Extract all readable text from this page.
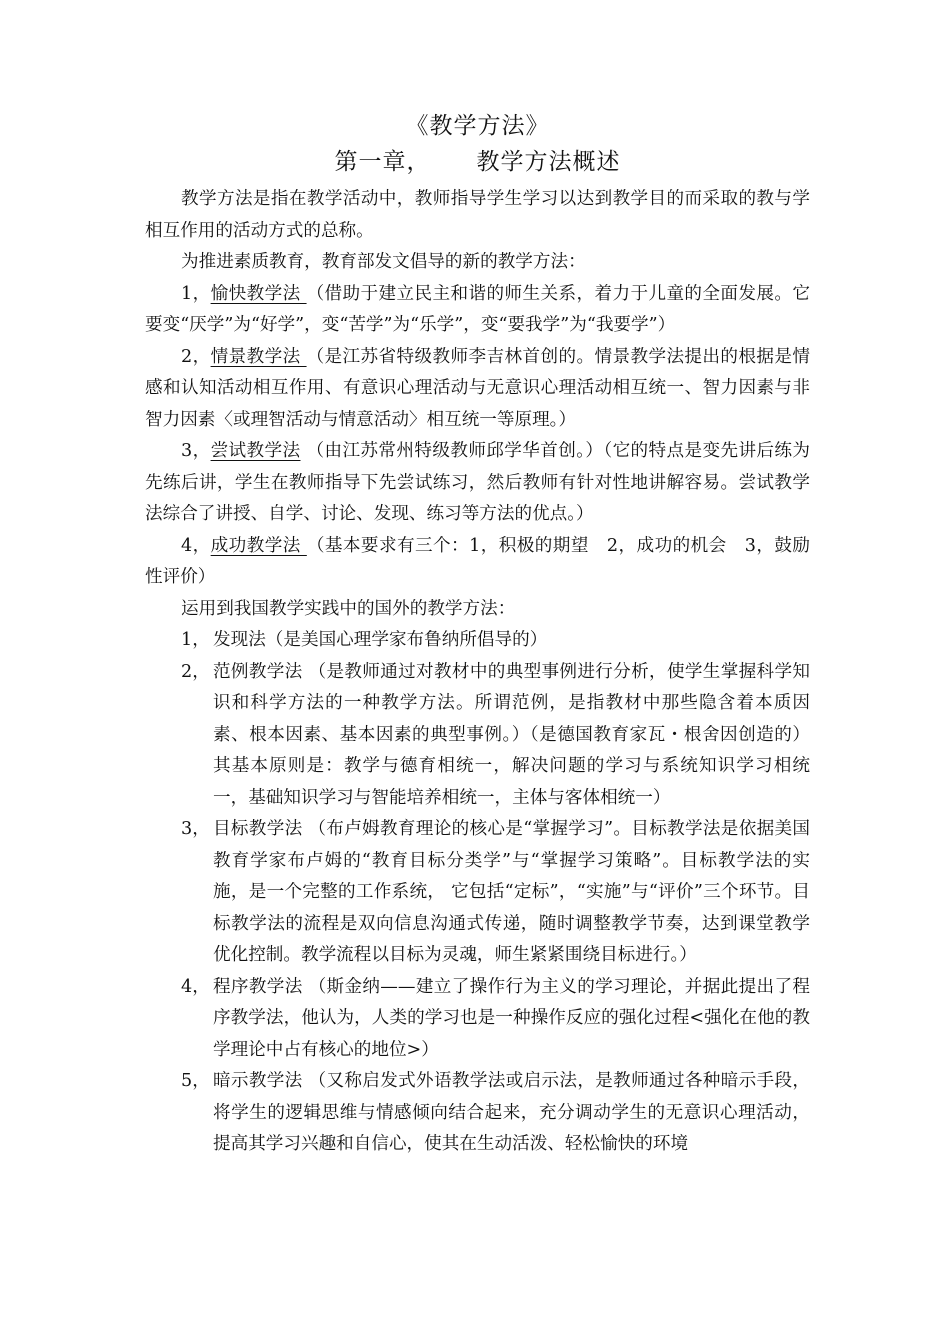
《教学方法》
第一章， 教学方法概述

教学方法是指在教学活动中，教师指导学生学习以达到教学目的而采取的教与学相互作用的活动方式的总称。

为推进素质教育，教育部发文倡导的新的教学方法：

1，愉快教学法 （借助于建立民主和谐的师生关系，着力于儿童的全面发展。它要变“厌学”为“好学”，变“苦学”为“乐学”，变“要我学”为“我要学”）

2，情景教学法 （是江苏省特级教师李吉林首创的。情景教学法提出的根据是情感和认知活动相互作用、有意识心理活动与无意识心理活动相互统一、智力因素与非智力因素〈或理智活动与情意活动〉相互统一等原理。）

3，尝试教学法 （由江苏常州特级教师邱学华首创。）（它的特点是变先讲后练为先练后讲，学生在教师指导下先尝试练习，然后教师有针对性地讲解容易。尝试教学法综合了讲授、自学、讨论、发现、练习等方法的优点。）

4，成功教学法 （基本要求有三个：1，积极的期望　2，成功的机会　3，鼓励性评价）

运用到我国教学实践中的国外的教学方法：

1， 发现法（是美国心理学家布鲁纳所倡导的）
2， 范例教学法 （是教师通过对教材中的典型事例进行分析，使学生掌握科学知识和科学方法的一种教学方法。所谓范例，是指教材中那些隐含着本质因素、根本因素、基本因素的典型事例。）（是德国教育家瓦・根舍因创造的）其基本原则是：教学与德育相统一，解决问题的学习与系统知识学习相统一，基础知识学习与智能培养相统一，主体与客体相统一）
3， 目标教学法 （布卢姆教育理论的核心是“掌握学习”。目标教学法是依据美国教育学家布卢姆的“教育目标分类学”与“掌握学习策略”。目标教学法的实施，是一个完整的工作系统， 它包括“定标”，“实施”与“评价”三个环节。目标教学法的流程是双向信息沟通式传递，随时调整教学节奏，达到课堂教学优化控制。教学流程以目标为灵魂，师生紧紧围绕目标进行。）
4， 程序教学法 （斯金纳——建立了操作行为主义的学习理论，并据此提出了程序教学法，他认为，人类的学习也是一种操作反应的强化过程<强化在他的教学理论中占有核心的地位>）
5， 暗示教学法 （又称启发式外语教学法或启示法，是教师通过各种暗示手段，将学生的逻辑思维与情感倾向结合起来，充分调动学生的无意识心理活动，提高其学习兴趣和自信心，使其在生动活泼、轻松愉快的环境
